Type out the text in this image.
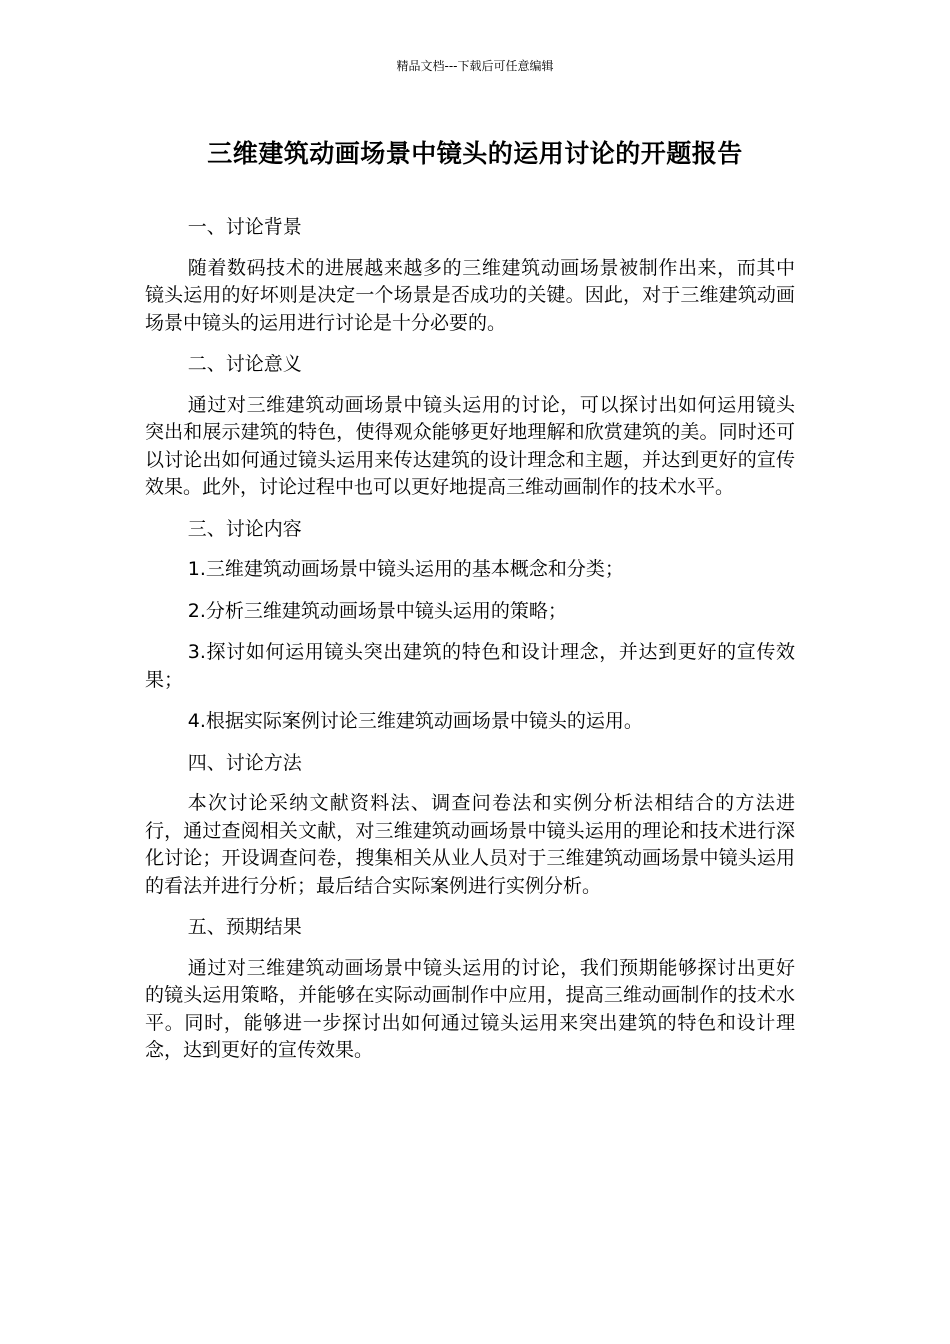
精品文档---下载后可任意编辑
三维建筑动画场景中镜头的运用讨论的开题报告

一、讨论背景

随着数码技术的进展越来越多的三维建筑动画场景被制作出来，而其中镜头运用的好坏则是决定一个场景是否成功的关键。因此，对于三维建筑动画场景中镜头的运用进行讨论是十分必要的。

二、讨论意义

通过对三维建筑动画场景中镜头运用的讨论，可以探讨出如何运用镜头突出和展示建筑的特色，使得观众能够更好地理解和欣赏建筑的美。同时还可以讨论出如何通过镜头运用来传达建筑的设计理念和主题，并达到更好的宣传效果。此外，讨论过程中也可以更好地提高三维动画制作的技术水平。

三、讨论内容

1.三维建筑动画场景中镜头运用的基本概念和分类；

2.分析三维建筑动画场景中镜头运用的策略；

3.探讨如何运用镜头突出建筑的特色和设计理念，并达到更好的宣传效果；

4.根据实际案例讨论三维建筑动画场景中镜头的运用。

四、讨论方法

本次讨论采纳文献资料法、调查问卷法和实例分析法相结合的方法进行，通过查阅相关文献，对三维建筑动画场景中镜头运用的理论和技术进行深化讨论；开设调查问卷，搜集相关从业人员对于三维建筑动画场景中镜头运用的看法并进行分析；最后结合实际案例进行实例分析。

五、预期结果

通过对三维建筑动画场景中镜头运用的讨论，我们预期能够探讨出更好的镜头运用策略，并能够在实际动画制作中应用，提高三维动画制作的技术水平。同时，能够进一步探讨出如何通过镜头运用来突出建筑的特色和设计理念，达到更好的宣传效果。
